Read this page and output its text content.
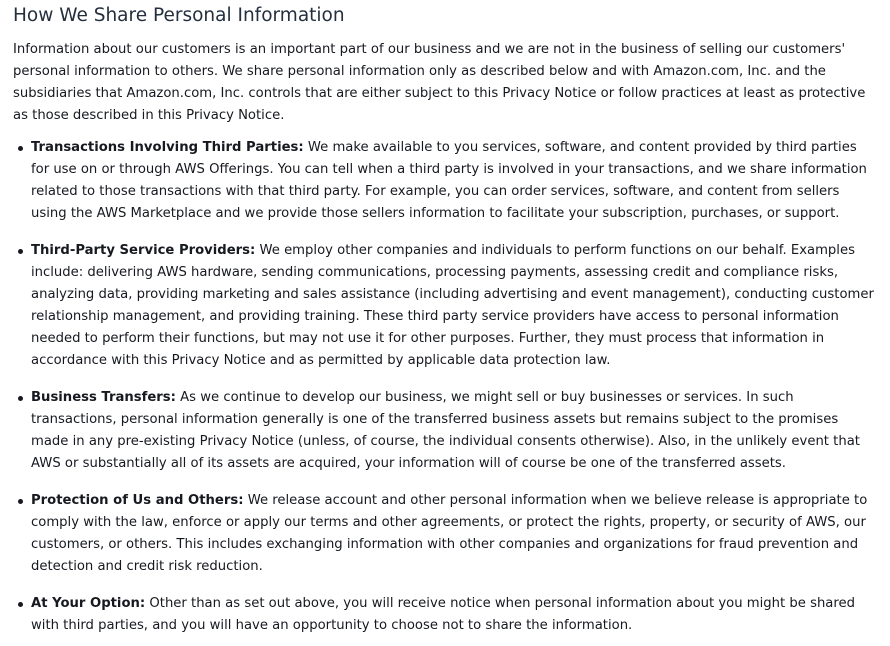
How We Share Personal Information

Information about our customers is an important part of our business and we are not in the business of selling our customers' personal information to others. We share personal information only as described below and with Amazon.com, Inc. and the subsidiaries that Amazon.com, Inc. controls that are either subject to this Privacy Notice or follow practices at least as protective as those described in this Privacy Notice.

Transactions Involving Third Parties: We make available to you services, software, and content provided by third parties for use on or through AWS Offerings. You can tell when a third party is involved in your transactions, and we share information related to those transactions with that third party. For example, you can order services, software, and content from sellers using the AWS Marketplace and we provide those sellers information to facilitate your subscription, purchases, or support.
Third-Party Service Providers: We employ other companies and individuals to perform functions on our behalf. Examples include: delivering AWS hardware, sending communications, processing payments, assessing credit and compliance risks, analyzing data, providing marketing and sales assistance (including advertising and event management), conducting customer relationship management, and providing training. These third party service providers have access to personal information needed to perform their functions, but may not use it for other purposes. Further, they must process that information in accordance with this Privacy Notice and as permitted by applicable data protection law.
Business Transfers: As we continue to develop our business, we might sell or buy businesses or services. In such transactions, personal information generally is one of the transferred business assets but remains subject to the promises made in any pre-existing Privacy Notice (unless, of course, the individual consents otherwise). Also, in the unlikely event that AWS or substantially all of its assets are acquired, your information will of course be one of the transferred assets.
Protection of Us and Others: We release account and other personal information when we believe release is appropriate to comply with the law, enforce or apply our terms and other agreements, or protect the rights, property, or security of AWS, our customers, or others. This includes exchanging information with other companies and organizations for fraud prevention and detection and credit risk reduction.
At Your Option: Other than as set out above, you will receive notice when personal information about you might be shared with third parties, and you will have an opportunity to choose not to share the information.
